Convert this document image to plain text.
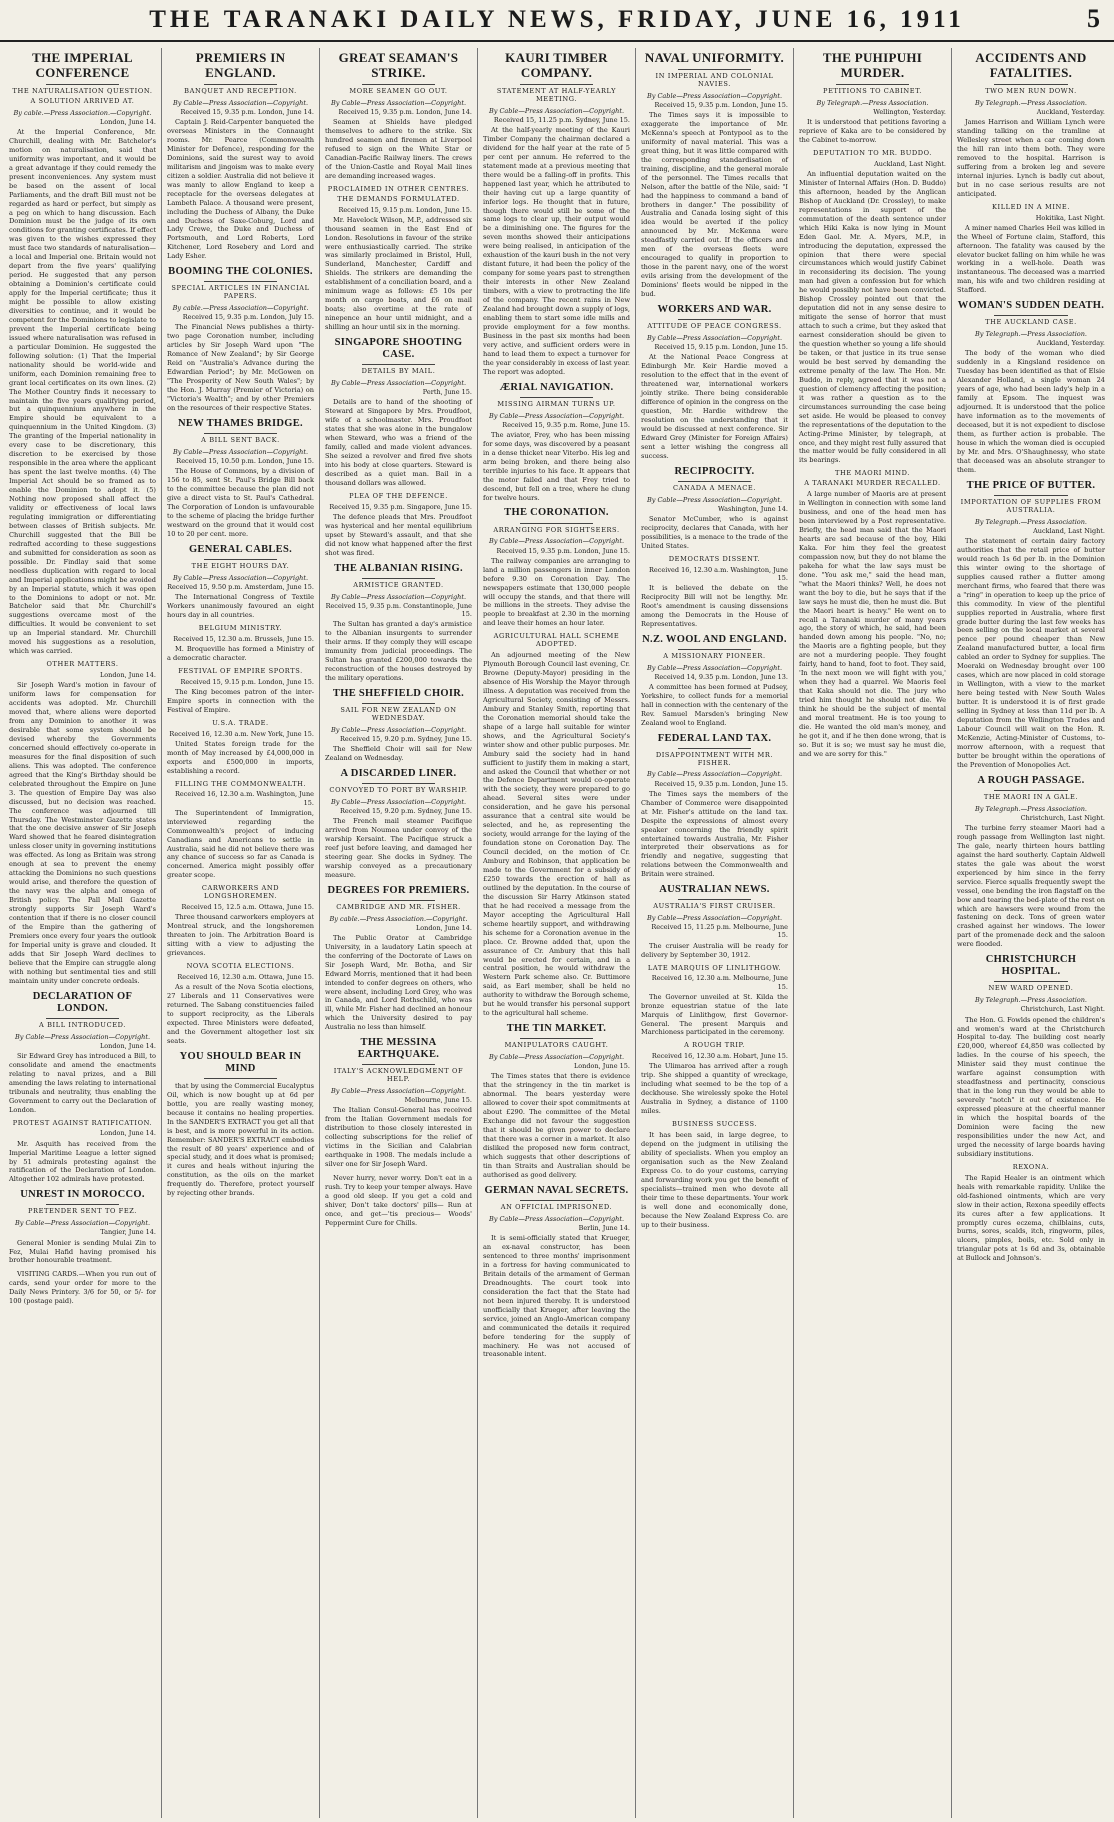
THE TARANAKI DAILY NEWS, FRIDAY, JUNE 16, 1911	5
THE IMPERIAL CONFERENCE
THE NATURALISATION QUESTION.
A SOLUTION ARRIVED AT.
By cable.—Press Association.—Copyright.
London, June 14.

At the Imperial Conference, Mr. Churchill, dealing with Mr. Batchelor's motion on naturalisation, said that uniformity was important, and it would be a great advantage if they could remedy the present inconveniences. Any system must be based on the assent of local Parliaments, and the draft Bill must not be regarded as hard or perfect, but simply as a peg on which to hang discussion. Each Dominion must be the judge of its own conditions for granting certificates. If effect was given to the wishes expressed they must face two standards of naturalisation—a local and Imperial one. Britain would not depart from the five years' qualifying period. He suggested that any person obtaining a Dominion's certificate could apply for the Imperial certificate; thus it might be possible to allow existing diversities to continue, and it would be competent for the Dominions to legislate to prevent the Imperial certificate being issued where naturalisation was refused in a particular Dominion. He suggested the following solution: (1) That the Imperial nationality should be world-wide and uniform, each Dominion remaining free to grant local certificates on its own lines. (2) The Mother Country finds it necessary to maintain the five years qualifying period, but a quinquennium anywhere in the Empire should be equivalent to a quinquennium in the United Kingdom. (3) The granting of the Imperial nationality in every case to be discretionary, this discretion to be exercised by those responsible in the area where the applicant has spent the last twelve months. (4) The Imperial Act should be so framed as to enable the Dominion to adopt it. (5) Nothing now proposed shall affect the validity or effectiveness of local laws regulating immigration or differentiating between classes of British subjects. Mr. Churchill suggested that the Bill be redrafted according to these suggestions and submitted for consideration as soon as possible. Dr. Findlay said that some needless duplication with regard to local and Imperial applications might be avoided by an Imperial statute, which it was open to the Dominions to adopt or not. Mr. Batchelor said that Mr. Churchill's suggestions overcame most of the difficulties. It would be convenient to set up an Imperial standard. Mr. Churchill moved his suggestions as a resolution, which was carried.

OTHER MATTERS.
London, June 14.

Sir Joseph Ward's motion in favour of uniform laws for compensation for accidents was adopted. Mr. Churchill moved that, where aliens were deported from any Dominion to another it was desirable that some system should be devised whereby the Governments concerned should effectively co-operate in measures for the final disposition of such aliens. This was adopted. The conference agreed that the King's Birthday should be celebrated throughout the Empire on June 3. The question of Empire Day was also discussed, but no decision was reached. The conference was adjourned till Thursday. The Westminster Gazette states that the one decisive answer of Sir Joseph Ward showed that he feared disintegration unless closer unity in governing institutions was effected. As long as Britain was strong enough at sea to prevent the enemy attacking the Dominions no such questions would arise, and therefore the question of the navy was the alpha and omega of British policy. The Pall Mall Gazette strongly supports Sir Joseph Ward's contention that if there is no closer council of the Empire than the gathering of Premiers once every four years the outlook for Imperial unity is grave and clouded. It adds that Sir Joseph Ward declines to believe that the Empire can struggle along with nothing but sentimental ties and still maintain unity under concrete ordeals.

DECLARATION OF LONDON.
A BILL INTRODUCED.
By Cable—Press Association—Copyright.
London, June 14.

Sir Edward Grey has introduced a Bill, to consolidate and amend the enactments relating to naval prizes, and a Bill amending the laws relating to international tribunals and neutrality, thus enabling the Government to carry out the Declaration of London.

PROTEST AGAINST RATIFICATION.
London, June 14.

Mr. Asquith has received from the Imperial Maritime League a letter signed by 51 admirals protesting against the ratification of the Declaration of London. Altogether 102 admirals have protested.

UNREST IN MOROCCO.
PRETENDER SENT TO FEZ.
By Cable—Press Association—Copyright.
Tangier, June 14.

General Monier is sending Mulai Zin to Fez, Mulai Hafid having promised his brother honourable treatment.

VISITING CARDS.—When you run out of cards, send your order for more to the Daily News Printery. 3/6 for 50, or 5/- for 100 (postage paid).

PREMIERS IN ENGLAND.
BANQUET AND RECEPTION.
By Cable—Press Association—Copyright.
Received 15, 9.35 p.m. London, June 14.

Captain J. Reid-Carpenter banqueted the overseas Ministers in the Connaught rooms. Mr. Pearce (Commonwealth Minister for Defence), responding for the Dominions, said the surest way to avoid militarism and jingoism was to make every citizen a soldier. Australia did not believe it was manly to allow England to keep a receptacle for the overseas delegates at Lambeth Palace. A thousand were present, including the Duchess of Albany, the Duke and Duchess of Saxe-Coburg, Lord and Lady Crewe, the Duke and Duchess of Portsmouth, and Lord Roberts, Lord Kitchener, Lord Rosebery and Lord and Lady Esher.

BOOMING THE COLONIES.
SPECIAL ARTICLES IN FINANCIAL PAPERS.
By cable.—Press Association—Copyright.
Received 15, 9.35 p.m. London, July 15.

The Financial News publishes a thirty-two page Coronation number, including articles by Sir Joseph Ward upon "The Romance of New Zealand"; by Sir George Reid on "Australia's Advance during the Edwardian Period"; by Mr. McGowen on "The Prosperity of New South Wales"; by the Hon. J. Murray (Premier of Victoria) on "Victoria's Wealth"; and by other Premiers on the resources of their respective States.

NEW THAMES BRIDGE.
A BILL SENT BACK.
By Cable—Press Association—Copyright.
Received 15, 10.50 p.m. London, June 15.

The House of Commons, by a division of 156 to 85, sent St. Paul's Bridge Bill back to the committee because the plan did not give a direct vista to St. Paul's Cathedral. The Corporation of London is unfavourable to the scheme of placing the bridge further westward on the ground that it would cost 10 to 20 per cent. more.

GENERAL CABLES.
THE EIGHT HOURS DAY.
By Cable—Press Association—Copyright.
Received 15, 9.50 p.m. Amsterdam, June 15.

The International Congress of Textile Workers unanimously favoured an eight hours day in all countries.

BELGIUM MINISTRY.
Received 15, 12.30 a.m. Brussels, June 15.

M. Broqueville has formed a Ministry of a democratic character.

FESTIVAL OF EMPIRE SPORTS.
Received 15, 9.15 p.m. London, June 15.

The King becomes patron of the inter-Empire sports in connection with the Festival of Empire.

U.S.A. TRADE.
Received 16, 12.30 a.m. New York, June 15.

United States foreign trade for the month of May increased by £4,000,000 in exports and £500,000 in imports, establishing a record.

FILLING THE COMMONWEALTH.
Received 16, 12.30 a.m. Washington, June 15.

The Superintendent of Immigration, interviewed regarding the Commonwealth's project of inducing Canadians and Americans to settle in Australia, said he did not believe there was any chance of success so far as Canada is concerned. America might possibly offer greater scope.

CARWORKERS AND LONGSHOREMEN.
Received 15, 12.5 a.m. Ottawa, June 15.

Three thousand carworkers employers at Montreal struck, and the longshoremen threaten to join. The Arbitration Board is sitting with a view to adjusting the grievances.

NOVA SCOTIA ELECTIONS.
Received 16, 12.30 a.m. Ottawa, June 15.

As a result of the Nova Scotia elections, 27 Liberals and 11 Conservatives were returned. The Sabang constituencies failed to support reciprocity, as the Liberals expected. Three Ministers were defeated, and the Government altogether lost six seats.

YOU SHOULD BEAR IN MIND

that by using the Commercial Eucalyptus Oil, which is now bought up at 6d per bottle, you are really wasting money, because it contains no healing properties. In the SANDER'S EXTRACT you get all that is best, and is more powerful in its action. Remember: SANDER'S EXTRACT embodies the result of 80 years' experience and of special study, and it does what is promised; it cures and heals without injuring the constitution, as the oils on the market frequently do. Therefore, protect yourself by rejecting other brands.

GREAT SEAMAN'S STRIKE.
MORE SEAMEN GO OUT.
By Cable—Press Association—Copyright.
Received 15, 9.35 p.m. London, June 14.

Seamen at Shields have pledged themselves to adhere to the strike. Six hundred seamen and firemen at Liverpool refused to sign on the White Star or Canadian-Pacific Railway liners. The crews of the Union-Castle and Royal Mail lines are demanding increased wages.

PROCLAIMED IN OTHER CENTRES.
THE DEMANDS FORMULATED.
Received 15, 9.15 p.m. London, June 15.

Mr. Havelock Wilson, M.P., addressed six thousand seamen in the East End of London. Resolutions in favour of the strike were enthusiastically carried. The strike was similarly proclaimed in Bristol, Hull, Sunderland, Manchester, Cardiff and Shields. The strikers are demanding the establishment of a conciliation board, and a minimum wage as follows: £5 10s per month on cargo boats, and £6 on mail boats; also overtime at the rate of ninepence an hour until midnight, and a shilling an hour until six in the morning.

SINGAPORE SHOOTING CASE.
DETAILS BY MAIL.
By Cable—Press Association—Copyright.
Perth, June 15.

Details are to hand of the shooting of Steward at Singapore by Mrs. Proudfoot, wife of a schoolmaster. Mrs. Proudfoot states that she was alone in the bungalow when Steward, who was a friend of the family, called and made violent advances. She seized a revolver and fired five shots into his body at close quarters. Steward is described as a quiet man. Bail in a thousand dollars was allowed.

PLEA OF THE DEFENCE.
Received 15, 9.35 p.m. Singapore, June 15.

The defence pleads that Mrs. Proudfoot was hysterical and her mental equilibrium upset by Steward's assault, and that she did not know what happened after the first shot was fired.

THE ALBANIAN RISING.
ARMISTICE GRANTED.
By Cable—Press Association—Copyright.
Received 15, 9.35 p.m. Constantinople, June 15.

The Sultan has granted a day's armistice to the Albanian insurgents to surrender their arms. If they comply they will escape immunity from judicial proceedings. The Sultan has granted £200,000 towards the reconstruction of the houses destroyed by the military operations.

THE SHEFFIELD CHOIR.
SAIL FOR NEW ZEALAND ON WEDNESDAY.
By Cable—Press Association—Copyright.
Received 15, 9.20 p.m. Sydney, June 15.

The Sheffield Choir will sail for New Zealand on Wednesday.

A DISCARDED LINER.
CONVOYED TO PORT BY WARSHIP.
By Cable—Press Association—Copyright.
Received 15, 9.20 p.m. Sydney, June 15.

The French mail steamer Pacifique arrived from Noumea under convoy of the warship Kersaint. The Pacifique struck a reef just before leaving, and damaged her steering gear. She docks in Sydney. The warship conveyed as a precautionary measure.

DEGREES FOR PREMIERS.
CAMBRIDGE AND MR. FISHER.
By cable.—Press Association.—Copyright.
London, June 14.

The Public Orator at Cambridge University, in a laudatory Latin speech at the conferring of the Doctorate of Laws on Sir Joseph Ward, Mr. Botha, and Sir Edward Morris, mentioned that it had been intended to confer degrees on others, who were absent, including Lord Grey, who was in Canada, and Lord Rothschild, who was ill, while Mr. Fisher had declined an honour which the University desired to pay Australia no less than himself.

THE MESSINA EARTHQUAKE.
ITALY'S ACKNOWLEDGMENT OF HELP.
By Cable—Press Association—Copyright.
Melbourne, June 15.

The Italian Consul-General has received from the Italian Government medals for distribution to those closely interested in collecting subscriptions for the relief of victims in the Sicilian and Calabrian earthquake in 1908. The medals include a silver one for Sir Joseph Ward.

Never hurry, never worry. Don't eat in a rush. Try to keep your temper always. Have a good old sleep. If you get a cold and shiver, Don't take doctors' pills— Run at once, and get—'tis precious— Woods' Peppermint Cure for Chills.

KAURI TIMBER COMPANY.
STATEMENT AT HALF-YEARLY MEETING.
By Cable—Press Association—Copyright.
Received 15, 11.25 p.m. Sydney, June 15.

At the half-yearly meeting of the Kauri Timber Company the chairman declared a dividend for the half year at the rate of 5 per cent per annum. He referred to the statement made at a previous meeting that there would be a falling-off in profits. This happened last year, which he attributed to their having cut up a large quantity of inferior logs. He thought that in future, though there would still be some of the same logs to clear up, their output would be a diminishing one. The figures for the seven months showed their anticipations were being realised, in anticipation of the exhaustion of the kauri bush in the not very distant future, it had been the policy of the company for some years past to strengthen their interests in other New Zealand timbers, with a view to protracting the life of the company. The recent rains in New Zealand had brought down a supply of logs, enabling them to start some idle mills and provide employment for a few months. Business in the past six months had been very active, and sufficient orders were in hand to lead them to expect a turnover for the year considerably in excess of last year. The report was adopted.

ÆRIAL NAVIGATION.
MISSING AIRMAN TURNS UP.
By Cable—Press Association—Copyright.
Received 15, 9.35 p.m. Rome, June 15.

The aviator, Frey, who has been missing for some days, was discovered by a peasant in a dense thicket near Viterbo. His leg and arm being broken, and there being also terrible injuries to his face. It appears that the motor failed and that Frey tried to descend, but fell on a tree, where he clung for twelve hours.

THE CORONATION.
ARRANGING FOR SIGHTSEERS.
By Cable—Press Association—Copyright.
Received 15, 9.35 p.m. London, June 15.

The railway companies are arranging to land a million passengers in inner London before 9.30 on Coronation Day. The newspapers estimate that 130,000 people will occupy the stands, and that there will be millions in the streets. They advise the people to breakfast at 2.30 in the morning and leave their homes an hour later.

AGRICULTURAL HALL SCHEME ADOPTED.

An adjourned meeting of the New Plymouth Borough Council last evening, Cr. Browne (Deputy-Mayor) presiding in the absence of His Worship the Mayor through illness. A deputation was received from the Agricultural Society, consisting of Messrs. Ambury and Stanley Smith, reporting that the Coronation memorial should take the shape of a large hall suitable for winter shows, and the Agricultural Society's winter show and other public purposes. Mr. Ambury said the society had in hand sufficient to justify them in making a start, and asked the Council that whether or not the Defence Department would co-operate with the society, they were prepared to go ahead. Several sites were under consideration, and he gave his personal assurance that a central site would be selected, and he, as representing the society, would arrange for the laying of the foundation stone on Coronation Day. The Council decided, on the motion of Cr. Ambury and Robinson, that application be made to the Government for a subsidy of £250 towards the erection of hall as outlined by the deputation. In the course of the discussion Sir Harry Atkinson stated that he had received a message from the Mayor accepting the Agricultural Hall scheme heartily support, and withdrawing his scheme for a Coronation avenue in the place. Cr. Browne added that, upon the assurance of Cr. Ambury that this hall would be erected for certain, and in a central position, he would withdraw the Western Park scheme also. Cr. Buttimore said, as Earl member, shall be held no authority to withdraw the Borough scheme, but he would transfer his personal support to the agricultural hall scheme.

THE TIN MARKET.
MANIPULATORS CAUGHT.
By Cable—Press Association—Copyright.
London, June 15.

The Times states that there is evidence that the stringency in the tin market is abnormal. The bears yesterday were allowed to cover their spot commitments at about £290. The committee of the Metal Exchange did not favour the suggestion that it should be given power to declare that there was a corner in a market. It also disliked the proposed new form contract, which suggests that other descriptions of tin than Straits and Australian should be authorised as good delivery.

GERMAN NAVAL SECRETS.
AN OFFICIAL IMPRISONED.
By Cable—Press Association—Copyright.
Berlin, June 14.

It is semi-officially stated that Krueger, an ex-naval constructor, has been sentenced to three months' imprisonment in a fortress for having communicated to Britain details of the armament of German Dreadnoughts. The court took into consideration the fact that the State had not been injured thereby. It is understood unofficially that Krueger, after leaving the service, joined an Anglo-American company and communicated the details it required before tendering for the supply of machinery. He was not accused of treasonable intent.

NAVAL UNIFORMITY.
IN IMPERIAL AND COLONIAL NAVIES.
By Cable—Press Association—Copyright.
Received 15, 9.35 p.m. London, June 15.

The Times says it is impossible to exaggerate the importance of Mr. McKenna's speech at Pontypool as to the uniformity of naval material. This was a great thing, but it was little compared with the corresponding standardisation of training, discipline, and the general morale of the personnel. The Times recalls that Nelson, after the battle of the Nile, said: "I had the happiness to command a band of brothers in danger." The possibility of Australia and Canada losing sight of this idea would be averted if the policy announced by Mr. McKenna were steadfastly carried out. If the officers and men of the overseas fleets were encouraged to qualify in proportion to those in the parent navy, one of the worst evils arising from the development of the Dominions' fleets would be nipped in the bud.

WORKERS AND WAR.
ATTITUDE OF PEACE CONGRESS.
By Cable—Press Association—Copyright.
Received 15, 9.15 p.m. London, June 15.

At the National Peace Congress at Edinburgh Mr. Keir Hardie moved a resolution to the effect that in the event of threatened war, international workers jointly strike. There being considerable difference of opinion in the congress on the question, Mr. Hardie withdrew the resolution on the understanding that it would be discussed at next conference. Sir Edward Grey (Minister for Foreign Affairs) sent a letter wishing the congress all success.

RECIPROCITY.
CANADA A MENACE.
By Cable—Press Association—Copyright.
Washington, June 14.

Senator McCumber, who is against reciprocity, declares that Canada, with her possibilities, is a menace to the trade of the United States.

DEMOCRATS DISSENT.
Received 16, 12.30 a.m. Washington, June 15.

It is believed the debate on the Reciprocity Bill will not be lengthy. Mr. Root's amendment is causing dissensions among the Democrats in the House of Representatives.

N.Z. WOOL AND ENGLAND.
A MISSIONARY PIONEER.
By Cable—Press Association—Copyright.
Received 14, 9.35 p.m. London, June 13.

A committee has been formed at Pudsey, Yorkshire, to collect funds for a memorial hall in connection with the centenary of the Rev. Samuel Marsden's bringing New Zealand wool to England.

FEDERAL LAND TAX.
DISAPPOINTMENT WITH MR. FISHER.
By Cable—Press Association—Copyright.
Received 15, 9.35 p.m. London, June 15.

The Times says the members of the Chamber of Commerce were disappointed at Mr. Fisher's attitude on the land tax. Despite the expressions of almost every speaker concerning the friendly spirit entertained towards Australia, Mr. Fisher interpreted their observations as for friendly and negative, suggesting that relations between the Commonwealth and Britain were strained.

AUSTRALIAN NEWS.
AUSTRALIA'S FIRST CRUISER.
By Cable—Press Association—Copyright.
Received 15, 11.25 p.m. Melbourne, June 15.

The cruiser Australia will be ready for delivery by September 30, 1912.

LATE MARQUIS OF LINLITHGOW.
Received 16, 12.30 a.m. Melbourne, June 15.

The Governor unveiled at St. Kilda the bronze equestrian statue of the late Marquis of Linlithgow, first Governor-General. The present Marquis and Marchioness participated in the ceremony.

A ROUGH TRIP.
Received 16, 12.30 a.m. Hobart, June 15.

The Ulimaroa has arrived after a rough trip. She shipped a quantity of wreckage, including what seemed to be the top of a deckhouse. She wirelessly spoke the Hotel Australia in Sydney, a distance of 1100 miles.

BUSINESS SUCCESS.

It has been said, in large degree, to depend on the judgment in utilising the ability of specialists. When you employ an organisation such as the New Zealand Express Co. to do your customs, carrying and forwarding work you get the benefit of specialists—trained men who devote all their time to these departments. Your work is well done and economically done, because the New Zealand Express Co. are up to their business.

THE PUHIPUHI MURDER.
PETITIONS TO CABINET.
By Telegraph.—Press Association.
Wellington, Yesterday.

It is understood that petitions favoring a reprieve of Kaka are to be considered by the Cabinet to-morrow.

DEPUTATION TO MR. BUDDO.
Auckland, Last Night.

An influential deputation waited on the Minister of Internal Affairs (Hon. D. Buddo) this afternoon, headed by the Anglican Bishop of Auckland (Dr. Crossley), to make representations in support of the commutation of the death sentence under which Hiki Kaka is now lying in Mount Eden Gaol. Mr. A. Myers, M.P., in introducing the deputation, expressed the opinion that there were special circumstances which would justify Cabinet in reconsidering its decision. The young man had given a confession but for which he would possibly not have been convicted. Bishop Crossley pointed out that the deputation did not in any sense desire to mitigate the sense of horror that must attach to such a crime, but they asked that earnest consideration should be given to the question whether so young a life should be taken, or that justice in its true sense would be best served by demanding the extreme penalty of the law. The Hon. Mr. Buddo, in reply, agreed that it was not a question of clemency affecting the position; it was rather a question as to the circumstances surrounding the case being set aside. He would be pleased to convey the representations of the deputation to the Acting-Prime Minister, by telegraph, at once, and they might rest fully assured that the matter would be fully considered in all its bearings.

THE MAORI MIND.
A TARANAKI MURDER RECALLED.

A large number of Maoris are at present in Wellington in connection with some land business, and one of the head men has been interviewed by a Post representative. Briefly, the head man said that the Maori hearts are sad because of the boy, Hiki Kaka. For him they feel the greatest compassion now, but they do not blame the pakeha for what the law says must be done. "You ask me," said the head man, "what the Maori thinks? Well, he does not want the boy to die, but he says that if the law says he must die, then he must die. But the Maori heart is heavy." He went on to recall a Taranaki murder of many years ago, the story of which, he said, had been handed down among his people. "No, no; the Maoris are a fighting people, but they are not a murdering people. They fought fairly, hand to hand, foot to foot. They said, 'In the next moon we will fight with you,' when they had a quarrel. We Maoris feel that Kaka should not die. The jury who tried him thought he should not die. We think he should be the subject of mental and moral treatment. He is too young to die. He wanted the old man's money, and he got it, and if he then done wrong, that is so. But it is so; we must say he must die, and we are sorry for this."

ACCIDENTS AND FATALITIES.
TWO MEN RUN DOWN.
By Telegraph.—Press Association.
Auckland, Yesterday.

James Harrison and William Lynch were standing talking on the tramline at Wellesley street when a car coming down the hill ran into them both. They were removed to the hospital. Harrison is suffering from a broken leg and severe internal injuries. Lynch is badly cut about, but in no case serious results are not anticipated.

KILLED IN A MINE.
Hokitika, Last Night.

A miner named Charles Heil was killed in the Wheel of Fortune claim, Stafford, this afternoon. The fatality was caused by the elevator bucket falling on him while he was working in a well-hole. Death was instantaneous. The deceased was a married man, his wife and two children residing at Stafford.

WOMAN'S SUDDEN DEATH.
THE AUCKLAND CASE.
By Telegraph.—Press Association.
Auckland, Yesterday.

The body of the woman who died suddenly in a Kingsland residence on Tuesday has been identified as that of Elsie Alexander Holland, a single woman 24 years of age, who had been lady's help in a family at Epsom. The inquest was adjourned. It is understood that the police have information as to the movements of deceased, but it is not expedient to disclose them, as further action is probable. The house in which the woman died is occupied by Mr. and Mrs. O'Shaughnessy, who state that deceased was an absolute stranger to them.

THE PRICE OF BUTTER.
IMPORTATION OF SUPPLIES FROM AUSTRALIA.
By Telegraph.—Press Association.
Auckland, Last Night.

The statement of certain dairy factory authorities that the retail price of butter would reach 1s 6d per lb. in the Dominion this winter owing to the shortage of supplies caused rather a flutter among merchant firms, who feared that there was a "ring" in operation to keep up the price of this commodity. In view of the plentiful supplies reported in Australia, where first grade butter during the last few weeks has been selling on the local market at several pence per pound cheaper than New Zealand manufactured butter, a local firm cabled an order to Sydney for supplies. The Moeraki on Wednesday brought over 100 cases, which are now placed in cold storage in Wellington, with a view to the market here being tested with New South Wales butter. It is understood it is of first grade selling in Sydney at less than 11d per lb. A deputation from the Wellington Trades and Labour Council will wait on the Hon. R. McKenzie, Acting-Minister of Customs, to-morrow afternoon, with a request that butter be brought within the operations of the Prevention of Monopolies Act.

A ROUGH PASSAGE.
THE MAORI IN A GALE.
By Telegraph.—Press Association.
Christchurch, Last Night.

The turbine ferry steamer Maori had a rough passage from Wellington last night. The gale, nearly thirteen hours battling against the hard southerly. Captain Aldwell states the gale was about the worst experienced by him since in the ferry service. Fierce squalls frequently swept the vessel, one bending the iron flagstaff on the bow and tearing the bed-plate of the rest on which are hawsers were wound from the fastening on deck. Tons of green water crashed against her windows. The lower part of the promenade deck and the saloon were flooded.

CHRISTCHURCH HOSPITAL.
NEW WARD OPENED.
By Telegraph.—Press Association.
Christchurch, Last Night.

The Hon. G. Fowlds opened the children's and women's ward at the Christchurch Hospital to-day. The building cost nearly £20,000, whereof £4,850 was collected by ladies. In the course of his speech, the Minister said they must continue the warfare against consumption with steadfastness and pertinacity, conscious that in the long run they would be able to severely "notch" it out of existence. He expressed pleasure at the cheerful manner in which the hospital boards of the Dominion were facing the new responsibilities under the new Act, and urged the necessity of large boards having subsidiary institutions.

REXONA.

The Rapid Healer is an ointment which heals with remarkable rapidity. Unlike the old-fashioned ointments, which are very slow in their action, Rexona speedily effects its cures after a few applications. It promptly cures eczema, chilblains, cuts, burns, sores, scalds, itch, ringworm, piles, ulcers, pimples, boils, etc. Sold only in triangular pots at 1s 6d and 3s, obtainable at Bullock and Johnson's.
